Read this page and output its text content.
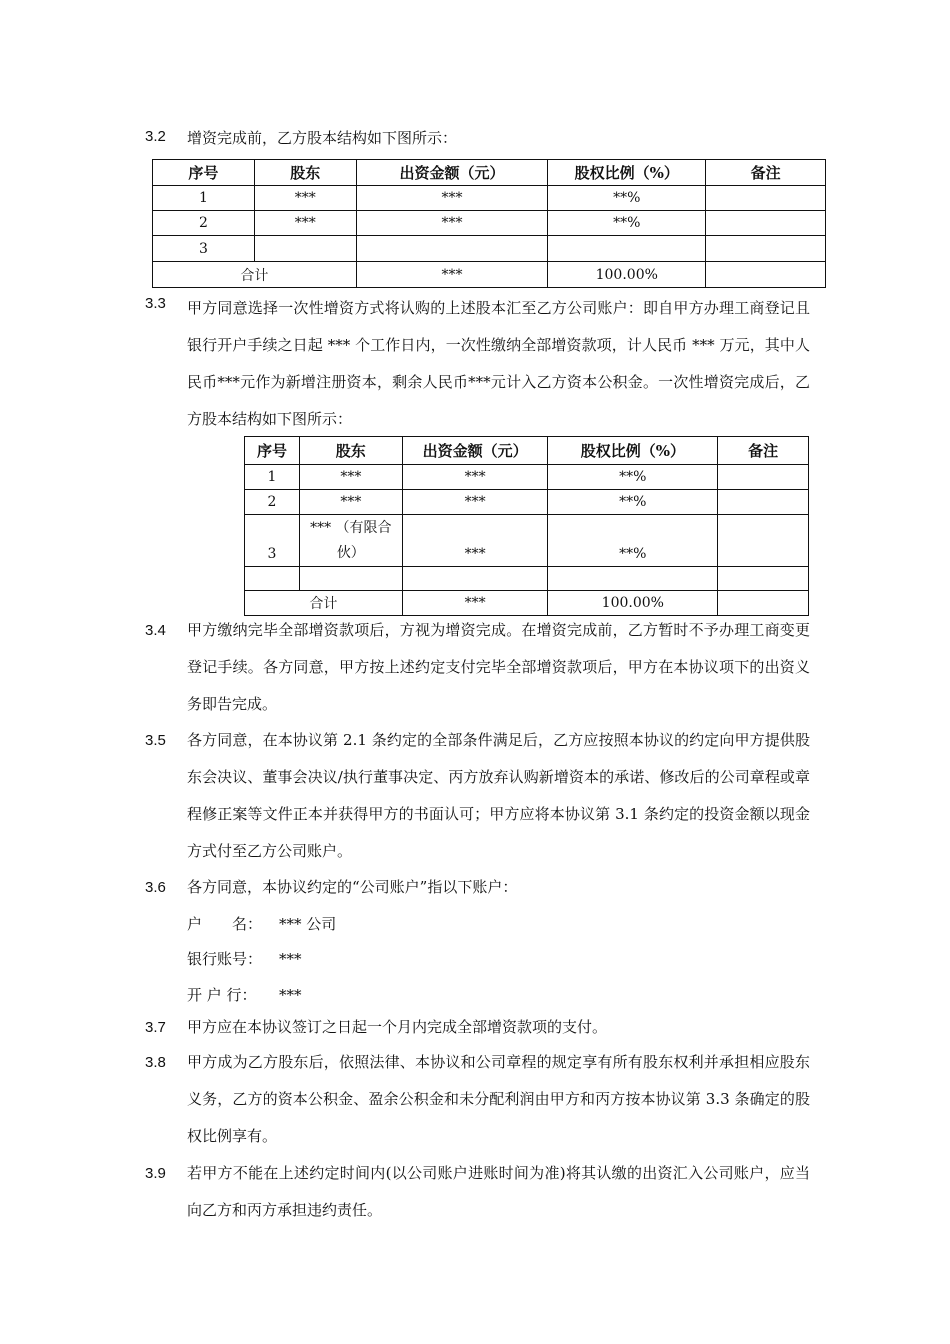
3.2 增资完成前，乙方股本结构如下图所示：
序号	股东	出资金额（元）	股权比例（%）	备注
1	***	***	**%	
2	***	***	**%	
3				
合计		***	100.00%	
3.3 甲方同意选择一次性增资方式将认购的上述股本汇至乙方公司账户：即自甲方办理工商登记且银行开户手续之日起 *** 个工作日内，一次性缴纳全部增资款项，计人民币 *** 万元，其中人民币***元作为新增注册资本，剩余人民币***元计入乙方资本公积金。一次性增资完成后，乙方股本结构如下图所示：
序号	股东	出资金额（元）	股权比例（%）	备注
1	***	***	**%	
2	***	***	**%	
3	*** （有限合伙）	***	**%	

合计		***	100.00%	
3.4 甲方缴纳完毕全部增资款项后，方视为增资完成。在增资完成前，乙方暂时不予办理工商变更登记手续。各方同意，甲方按上述约定支付完毕全部增资款项后，甲方在本协议项下的出资义务即告完成。
3.5 各方同意，在本协议第 2.1 条约定的全部条件满足后，乙方应按照本协议的约定向甲方提供股东会决议、董事会决议/执行董事决定、丙方放弃认购新增资本的承诺、修改后的公司章程或章程修正案等文件正本并获得甲方的书面认可；甲方应将本协议第 3.1 条约定的投资金额以现金方式付至乙方公司账户。
3.6 各方同意，本协议约定的“公司账户”指以下账户：
户　　名： *** 公司
银行账号： ***
开 户 行： ***
3.7 甲方应在本协议签订之日起一个月内完成全部增资款项的支付。
3.8 甲方成为乙方股东后，依照法律、本协议和公司章程的规定享有所有股东权利并承担相应股东义务，乙方的资本公积金、盈余公积金和未分配利润由甲方和丙方按本协议第 3.3 条确定的股权比例享有。
3.9 若甲方不能在上述约定时间内(以公司账户进账时间为准)将其认缴的出资汇入公司账户，应当向乙方和丙方承担违约责任。
